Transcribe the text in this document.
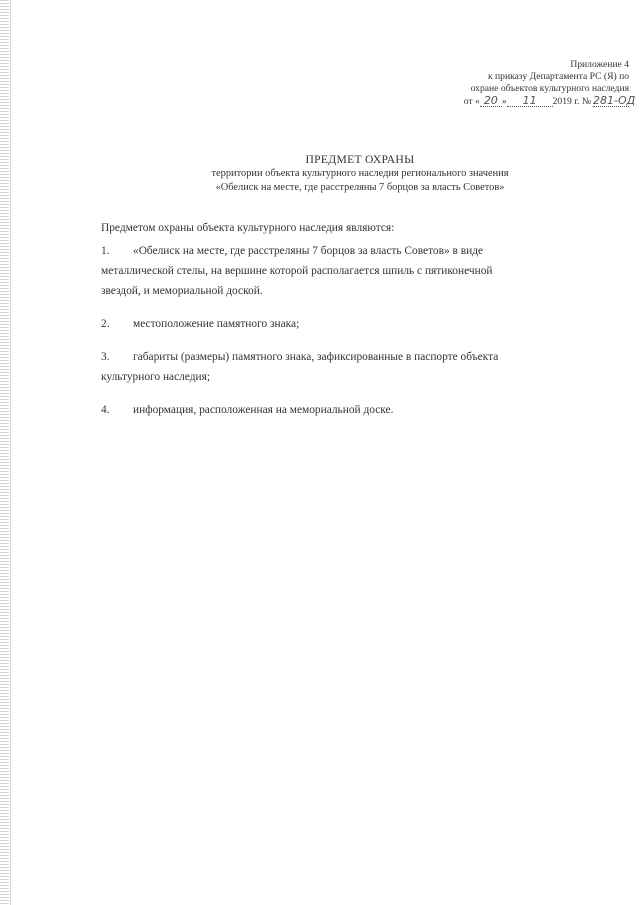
Приложение 4
к приказу Департамента РС (Я) по
охране объектов культурного наследия
от « 20 »	11	2019 г. № 281-ОД
ПРЕДМЕТ ОХРАНЫ
территории объекта культурного наследия регионального значения
«Обелиск на месте, где расстреляны 7 борцов за власть Советов»
Предметом охраны объекта культурного наследия являются:
1.	«Обелиск на месте, где расстреляны 7 борцов за власть Советов» в виде
металлической стелы, на вершине которой располагается шпиль с пятиконечной
звездой, и мемориальной доской.
2.	местоположение памятного знака;
3.	габариты (размеры) памятного знака, зафиксированные в паспорте объекта
культурного наследия;
4.	информация, расположенная на мемориальной доске.
